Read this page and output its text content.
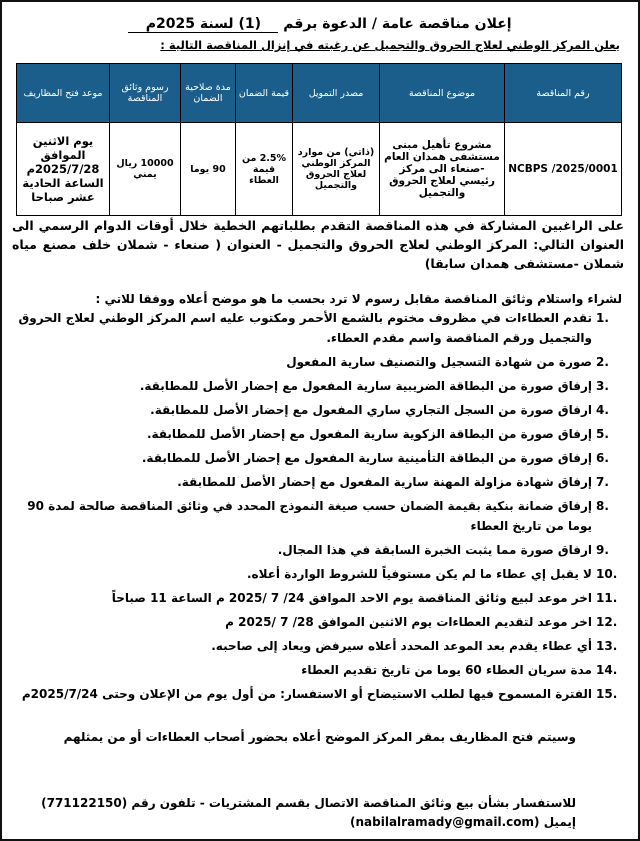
إعلان مناقصة عامة / الدعوة برقم (1) لسنة 2025م
يعلن المركز الوطني لعلاج الحروق والتجميل عن رغبته في إنزال المناقصة التالية :
رقم المناقصة	موضوع المناقصة	مصدر التمويل	قيمة الضمان	مدة صلاحية الضمان	رسوم وثائق المناقصة	موعد فتح المظاريف
NCBPS /2025/0001	مشروع تأهيل مبنى مستشفى همدان العام -صنعاء الى مركز رئيسي لعلاج الحروق والتجميل	(ذاتي) من موارد المركز الوطني لعلاج الحروق والتجميل	2.5% من قيمة العطاء	90 يوما	10000 ريال يمني	يوم الاثنين الموافق 2025/7/28م الساعة الحادية عشر صباحا
على الراغبين المشاركة في هذه المناقصة التقدم بطلباتهم الخطية خلال أوقات الدوام الرسمي الى العنوان التالي: المركز الوطني لعلاج الحروق والتجميل - العنوان ( صنعاء - شملان خلف مصنع مياه شملان -مستشفى همدان سابقا)
لشراء واستلام وثائق المناقصة مقابل رسوم لا ترد بحسب ما هو موضح أعلاه ووفقا للاتي :
1.
تقدم العطاءات في مظروف مختوم بالشمع الأحمر ومكتوب عليه اسم المركز الوطني لعلاج الحروق والتجميل ورقم المناقصة واسم مقدم العطاء.
2.
صورة من شهادة التسجيل والتصنيف سارية المفعول
3.
إرفاق صورة من البطاقة الضريبية سارية المفعول مع إحضار الأصل للمطابقة.
4.
ارفاق صورة من السجل التجاري ساري المفعول مع إحضار الأصل للمطابقة.
5.
إرفاق صورة من البطاقة الزكوية سارية المفعول مع إحضار الأصل للمطابقة.
6.
إرفاق صورة من البطاقة التأمينية سارية المفعول مع إحضار الأصل للمطابقة.
7.
إرفاق شهادة مزاولة المهنة سارية المفعول مع إحضار الأصل للمطابقة.
8.
إرفاق ضمانة بنكية بقيمة الضمان حسب صيغة النموذج المحدد في وثائق المناقصة صالحة لمدة 90 يوما من تاريخ العطاء
9.
ارفاق صورة مما يثبت الخبرة السابقة في هذا المجال.
10.
لا يقبل إي عطاء ما لم يكن مستوفياً للشروط الواردة أعلاه.
11.
اخر موعد لبيع وثائق المناقصة يوم الاحد الموافق 24/ 7 /2025 م الساعة 11 صباحاً
12.
اخر موعد لتقديم العطاءات يوم الاثنين الموافق 28/ 7 /2025 م
13.
أي عطاء يقدم بعد الموعد المحدد أعلاه سيرفض ويعاد إلى صاحبه.
14.
مدة سريان العطاء 60 يوما من تاريخ تقديم العطاء
15.
الفترة المسموح فيها لطلب الاستيضاح أو الاستفسار: من أول يوم من الإعلان وحتى 2025/7/24م
وسيتم فتح المظاريف بمقر المركز الموضح أعلاه بحضور أصحاب العطاءات أو من يمثلهم
للاستفسار بشأن بيع وثائق المناقصة الاتصال بقسم المشتريات - تلفون رقم (771122150) إيميل (nabilalramady@gmail.com)
